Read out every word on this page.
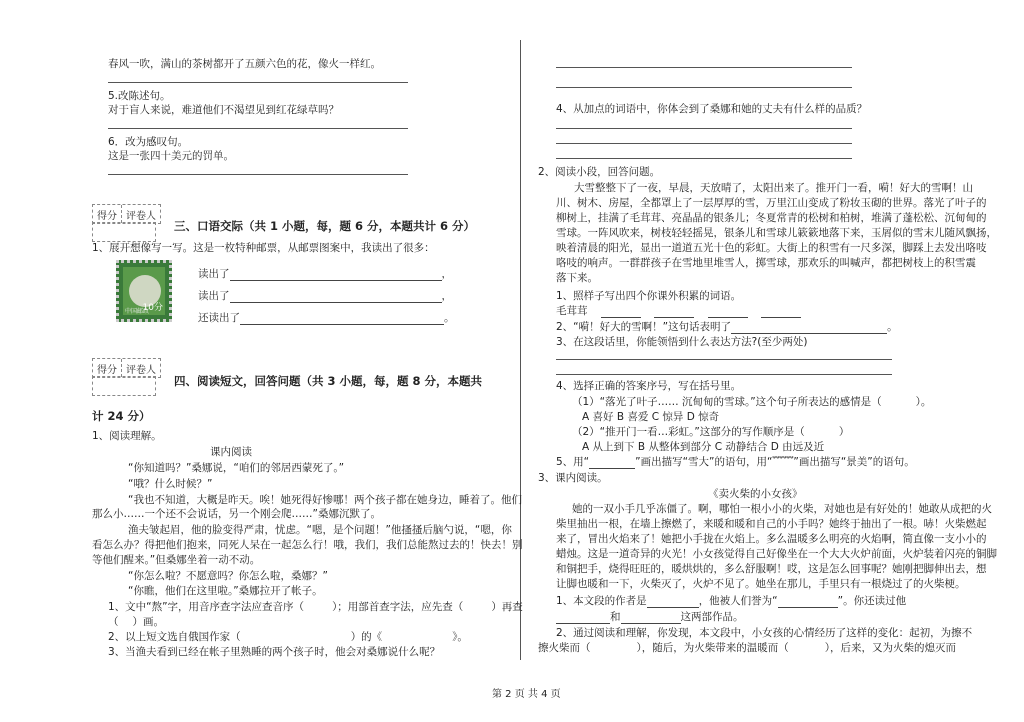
春风一吹，满山的茶树都开了五颜六色的花，像火一样红。
5.改陈述句。
对于盲人来说，难道他们不渴望见到红花绿草吗？
6．改为感叹句。
这是一张四十美元的罚单。
得分 评卷人
三、口语交际（共 1 小题，每，题 6 分，本题共计 6 分）
1、展开想像写一写。这是一枚特种邮票，从邮票图案中，我读出了很多：
10分
中国邮政
读出了	，
读出了	，
还读出了	。
得分 评卷人
四、阅读短文，回答问题（共 3 小题，每，题 8 分，本题共
计 24 分）
1、阅读理解。
课内阅读
“你知道吗？”桑娜说，“咱们的邻居西蒙死了。”
“哦？什么时候？”
“我也不知道，大概是昨天。唉！她死得好惨哪！两个孩子都在她身边，睡着了。他们
那么小……一个还不会说话，另一个刚会爬……”桑娜沉默了。
渔夫皱起眉，他的脸变得严肃，忧虑。“嗯，是个问题！”他搔搔后脑勺说，“嗯，你
看怎么办？得把他们抱来，同死人呆在一起怎么行！哦，我们，我们总能熬过去的！快去！别
等他们醒来。”但桑娜坐着一动不动。
“你怎么啦？不愿意吗？你怎么啦，桑娜？”
“你瞧，他们在这里啦。”桑娜拉开了帐子。
1、文中“熬”字，用音序查字法应查音序（	）；用部首查字法，应先查（	）再查
（ ）画。
2、以上短文选自俄国作家（	）的《	》。
3、当渔夫看到已经在帐子里熟睡的两个孩子时，他会对桑娜说什么呢？
4、从加点的词语中，你体会到了桑娜和她的丈夫有什么样的品质？
2、阅读小段，回答问题。
大雪整整下了一夜，早晨，天放晴了，太阳出来了。推开门一看，嗬！好大的雪啊！山
川、树木、房屋，全都罩上了一层厚厚的雪，万里江山变成了粉妆玉砌的世界。落光了叶子的
柳树上，挂满了毛茸茸、亮晶晶的银条儿；冬夏常青的松树和柏树，堆满了蓬松松、沉甸甸的
雪球。一阵风吹来，树枝轻轻摇晃，银条儿和雪球儿簌簌地落下来，玉屑似的雪末儿随风飘扬，
映着清晨的阳光，显出一道道五光十色的彩虹。大街上的积雪有一尺多深，脚踩上去发出咯吱
咯吱的响声。一群群孩子在雪地里堆雪人，掷雪球，那欢乐的叫喊声，都把树枝上的积雪震
落下来。
1、照样子写出四个你课外积累的词语。
毛茸茸
2、“嗬！好大的雪啊！”这句话表明了	。
3、在这段话里，你能领悟到什么表达方法?(至少两处)
4、选择正确的答案序号，写在括号里。
（1）“落光了叶子…… 沉甸甸的雪球。”这个句子所表达的感情是（	）。
A 喜好 B 喜爱 C 惊异 D 惊奇
（2）“推开门一看…彩虹。”这部分的写作顺序是（	）
A 从上到下 B 从整体到部分 C 动静结合 D 由远及近
5、用“	”画出描写“雪大”的语句，用“﹌﹌”画出描写“景美”的语句。
3、课内阅读。
《卖火柴的小女孩》
她的一双小手几乎冻僵了。啊，哪怕一根小小的火柴，对她也是有好处的！她敢从成把的火
柴里抽出一根，在墙上擦燃了，来暖和暖和自己的小手吗？她终于抽出了一根。哧！火柴燃起
来了，冒出火焰来了！她把小手拢在火焰上。多么温暖多么明亮的火焰啊，简直像一支小小的
蜡烛。这是一道奇异的火光！小女孩觉得自己好像坐在一个大大火炉前面，火炉装着闪亮的铜脚
和铜把手，烧得旺旺的，暖烘烘的，多么舒服啊！哎，这是怎么回事呢？她刚把脚伸出去，想
让脚也暖和一下，火柴灭了，火炉不见了。她坐在那儿，手里只有一根烧过了的火柴梗。
1、本文段的作者是	，他被人们誉为“	”。你还读过他
和	这两部作品。
2、通过阅读和理解，你发现，本文段中，小女孩的心情经历了这样的变化：起初，为擦不
擦火柴而（	），随后，为火柴带来的温暖而（	），后来，又为火柴的熄灭而
第 2 页 共 4 页
